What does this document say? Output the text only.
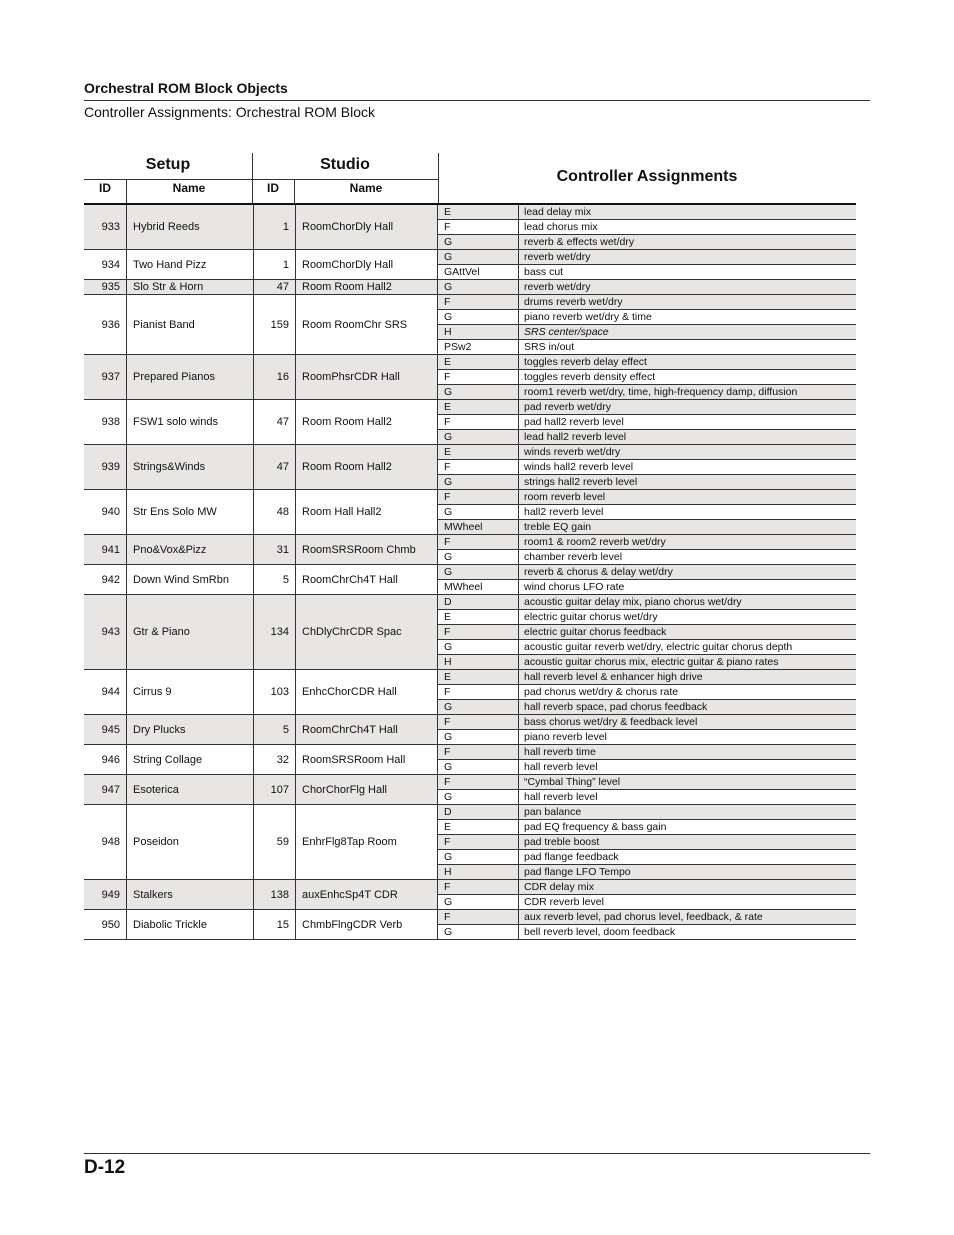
Orchestral ROM Block Objects
Controller Assignments: Orchestral ROM Block
Setup	Studio
Controller Assignments
ID	Name	ID	Name
933	Hybrid Reeds	1	RoomChorDly Hall
E	lead delay mix
F	lead chorus mix
G	reverb & effects wet/dry
934	Two Hand Pizz	1	RoomChorDly Hall
G	reverb wet/dry
GAttVel	bass cut
935	Slo Str & Horn	47	Room Room Hall2	G	reverb wet/dry
936	Pianist Band	159	Room RoomChr SRS
F	drums reverb wet/dry
G	piano reverb wet/dry & time
H	SRS center/space
PSw2	SRS in/out
937	Prepared Pianos	16	RoomPhsrCDR Hall
E	toggles reverb delay effect
F	toggles reverb density effect
G	room1 reverb wet/dry, time, high-frequency damp, diffusion
938	FSW1 solo winds	47	Room Room Hall2
E	pad reverb wet/dry
F	pad hall2 reverb level
G	lead hall2 reverb level
939	Strings&Winds	47	Room Room Hall2
E	winds reverb wet/dry
F	winds hall2 reverb level
G	strings hall2 reverb level
940	Str Ens Solo MW	48	Room Hall Hall2
F	room reverb level
G	hall2 reverb level
MWheel	treble EQ gain
941	Pno&Vox&Pizz	31	RoomSRSRoom Chmb
F	room1 & room2 reverb wet/dry
G	chamber reverb level
942	Down Wind SmRbn	5	RoomChrCh4T Hall
G	reverb & chorus & delay wet/dry
MWheel	wind chorus LFO rate
943	Gtr & Piano	134	ChDlyChrCDR Spac
D	acoustic guitar delay mix, piano chorus wet/dry
E	electric guitar chorus wet/dry
F	electric guitar chorus feedback
G	acoustic guitar reverb wet/dry, electric guitar chorus depth
H	acoustic guitar chorus mix, electric guitar & piano rates
944	Cirrus 9	103	EnhcChorCDR Hall
E	hall reverb level & enhancer high drive
F	pad chorus wet/dry & chorus rate
G	hall reverb space, pad chorus feedback
945	Dry Plucks	5	RoomChrCh4T Hall
F	bass chorus wet/dry & feedback level
G	piano reverb level
946	String Collage	32	RoomSRSRoom Hall
F	hall reverb time
G	hall reverb level
947	Esoterica	107	ChorChorFlg Hall
F	“Cymbal Thing” level
G	hall reverb level
948	Poseidon	59	EnhrFlg8Tap Room
D	pan balance
E	pad EQ frequency & bass gain
F	pad treble boost
G	pad flange feedback
H	pad flange LFO Tempo
949	Stalkers	138	auxEnhcSp4T CDR
F	CDR delay mix
G	CDR reverb level
950	Diabolic Trickle	15	ChmbFlngCDR Verb
F	aux reverb level, pad chorus level, feedback, & rate
G	bell reverb level, doom feedback
D-12
